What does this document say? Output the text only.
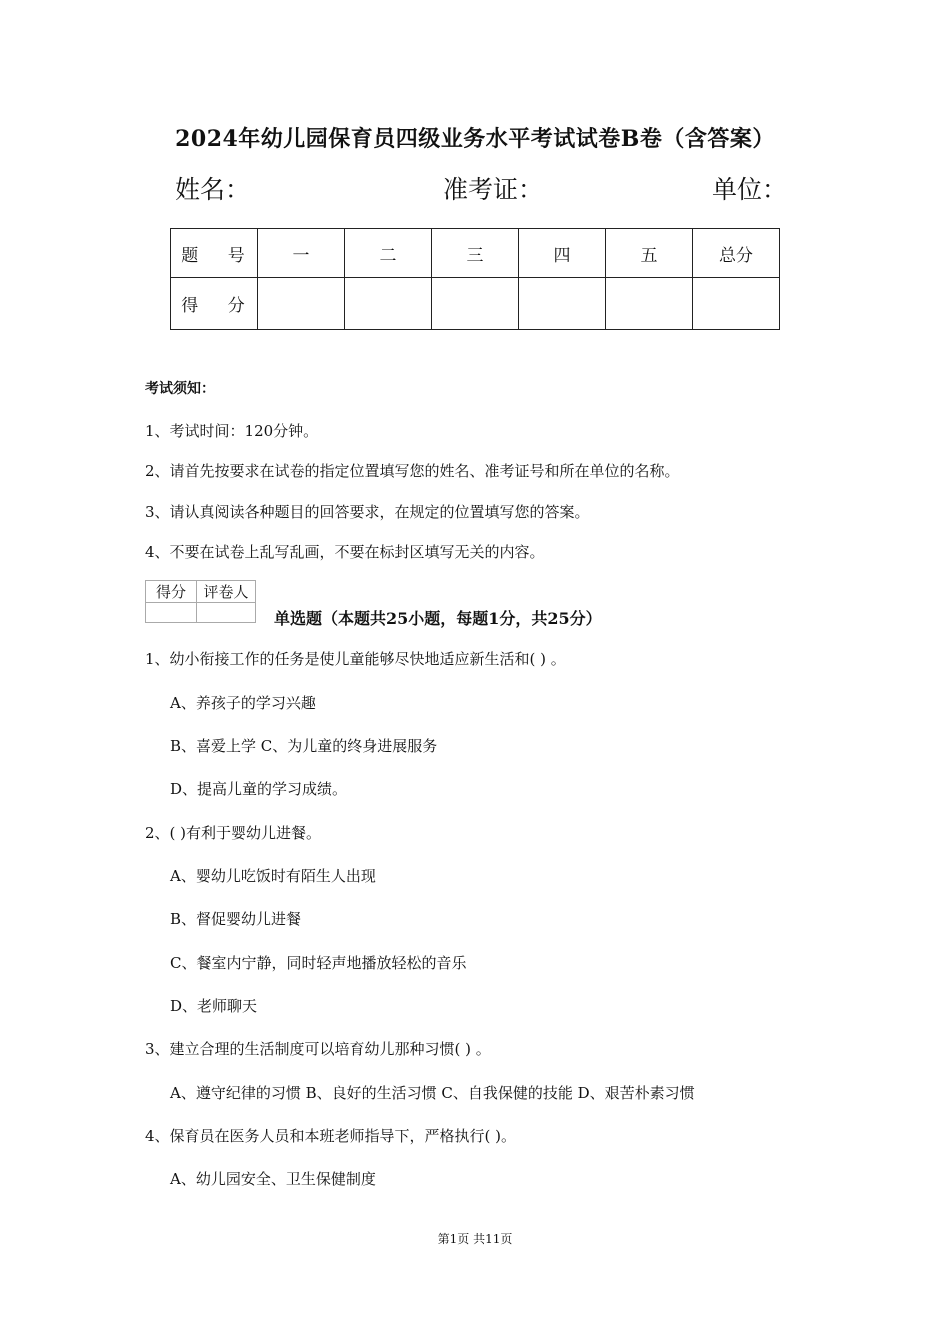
2024年幼儿园保育员四级业务水平考试试卷B卷（含答案）
姓名：	准考证：	单位：
题 号	一	二	三	四	五	总分
得 分						
考试须知：
1、考试时间：120分钟。
2、请首先按要求在试卷的指定位置填写您的姓名、准考证号和所在单位的名称。
3、请认真阅读各种题目的回答要求，在规定的位置填写您的答案。
4、不要在试卷上乱写乱画，不要在标封区填写无关的内容。
得分	评卷人

单选题（本题共25小题，每题1分，共25分）
1、幼小衔接工作的任务是使儿童能够尽快地适应新生活和( ) 。
A、养孩子的学习兴趣
B、喜爱上学 C、为儿童的终身进展服务
D、提高儿童的学习成绩。
2、( )有利于婴幼儿进餐。
A、婴幼儿吃饭时有陌生人出现
B、督促婴幼儿进餐
C、餐室内宁静，同时轻声地播放轻松的音乐
D、老师聊天
3、建立合理的生活制度可以培育幼儿那种习惯( ) 。
A、遵守纪律的习惯 B、良好的生活习惯 C、自我保健的技能 D、艰苦朴素习惯
4、保育员在医务人员和本班老师指导下，严格执行( )。
A、幼儿园安全、卫生保健制度
第1页 共11页
